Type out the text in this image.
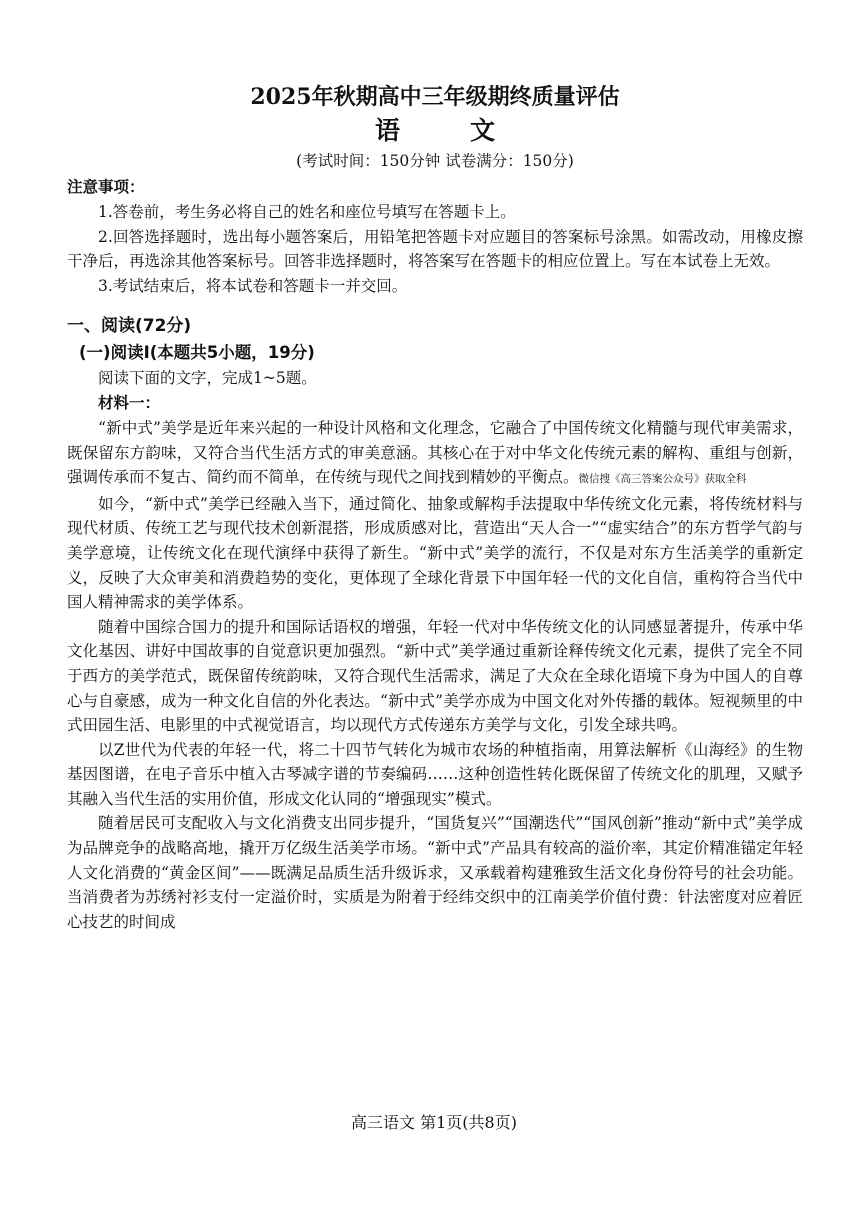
2025年秋期高中三年级期终质量评估
语文
(考试时间：150分钟 试卷满分：150分)
注意事项：

1.答卷前，考生务必将自己的姓名和座位号填写在答题卡上。

2.回答选择题时，选出每小题答案后，用铅笔把答题卡对应题目的答案标号涂黑。如需改动，用橡皮擦干净后，再选涂其他答案标号。回答非选择题时，将答案写在答题卡的相应位置上。写在本试卷上无效。

3.考试结束后，将本试卷和答题卡一并交回。

一、阅读(72分)
(一)阅读Ⅰ(本题共5小题，19分)

阅读下面的文字，完成1~5题。

材料一：

“新中式”美学是近年来兴起的一种设计风格和文化理念，它融合了中国传统文化精髓与现代审美需求，既保留东方韵味，又符合当代生活方式的审美意涵。其核心在于对中华文化传统元素的解构、重组与创新，强调传承而不复古、简约而不简单，在传统与现代之间找到精妙的平衡点。微信搜《高三答案公众号》获取全科

如今，“新中式”美学已经融入当下，通过简化、抽象或解构手法提取中华传统文化元素，将传统材料与现代材质、传统工艺与现代技术创新混搭，形成质感对比，营造出“天人合一”“虚实结合”的东方哲学气韵与美学意境，让传统文化在现代演绎中获得了新生。“新中式”美学的流行，不仅是对东方生活美学的重新定义，反映了大众审美和消费趋势的变化，更体现了全球化背景下中国年轻一代的文化自信，重构符合当代中国人精神需求的美学体系。

随着中国综合国力的提升和国际话语权的增强，年轻一代对中华传统文化的认同感显著提升，传承中华文化基因、讲好中国故事的自觉意识更加强烈。“新中式”美学通过重新诠释传统文化元素，提供了完全不同于西方的美学范式，既保留传统韵味，又符合现代生活需求，满足了大众在全球化语境下身为中国人的自尊心与自豪感，成为一种文化自信的外化表达。“新中式”美学亦成为中国文化对外传播的载体。短视频里的中式田园生活、电影里的中式视觉语言，均以现代方式传递东方美学与文化，引发全球共鸣。

以Z世代为代表的年轻一代，将二十四节气转化为城市农场的种植指南，用算法解析《山海经》的生物基因图谱，在电子音乐中植入古琴减字谱的节奏编码……这种创造性转化既保留了传统文化的肌理，又赋予其融入当代生活的实用价值，形成文化认同的“增强现实”模式。

随着居民可支配收入与文化消费支出同步提升，“国货复兴”“国潮迭代”“国风创新”推动“新中式”美学成为品牌竞争的战略高地，撬开万亿级生活美学市场。“新中式”产品具有较高的溢价率，其定价精准锚定年轻人文化消费的“黄金区间”——既满足品质生活升级诉求，又承载着构建雅致生活文化身份符号的社会功能。当消费者为苏绣衬衫支付一定溢价时，实质是为附着于经纬交织中的江南美学价值付费：针法密度对应着匠心技艺的时间成

高三语文 第1页(共8页)
